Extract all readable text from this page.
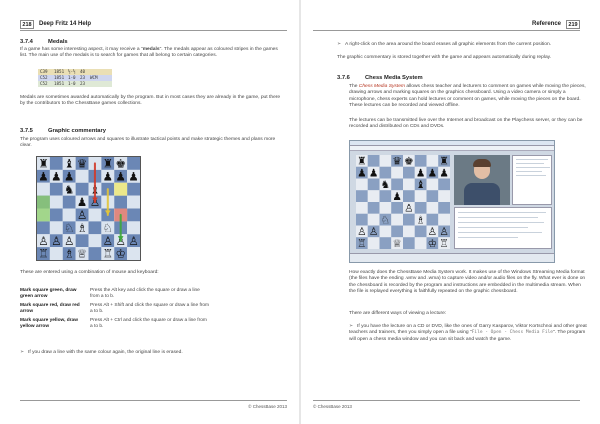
218	Deep Fritz 14 Help
3.7.4	Medals
If a game has some interesting aspect, it may receive a "medals". The medals appear as coloured stripes in the games list. The main use of the medals is to search for games that all belong to certain categories.
C39 1851 ½-½ 40
C52 1851 1-0 23 WCM
C52 1851 1-0 23
Medals are sometimes awarded automatically by the program. But in most cases they are already in the game, put there by the contributors to the ChessBase games collections.
3.7.5	Graphic commentary
The program uses coloured arrows and squares to illustrate tactical points and make strategic themes and plans more clear.
These are entered using a combination of mouse and keyboard:
Mark square green, draw green arrow
Press the Alt key and click the square or draw a line from a to b.
Mark square red, draw red arrow
Press Alt + Shift and click the square or draw a line from a to b.
Mark square yellow, draw yellow arrow
Press Alt + Ctrl and click the square or draw a line from a to b.
➢ If you draw a line with the same colour again, the original line is erased.
© ChessBase 2013
Reference	219
➢ A right-click on the area around the board erases all graphic elements from the current position.
The graphic commentary is stored together with the game and appears automatically during replay.
3.7.6	Chess Media System
The Chess Media System allows chess teacher and lecturers to comment on games while moving the pieces, drawing arrows and marking squares on the graphics chessboard. Using a video camera or simply a microphone, chess experts can hold lectures or comment on games, while moving the pieces on the board. These lectures can be recorded and viewed offline.
The lectures can be transmitted live over the Internet and broadcast on the Playchess server, or they can be recorded and distributed on CDs and DVDs.
How exactly does the ChessBase Media System work. It makes use of the Windows Streaming Media format (the files have the ending .wmv and .wma) to capture video and/or audio files on the fly. What ever is done on the chessboard is recorded by the program and instructions are embedded in the multimedia stream. When the file is replayed everything is faithfully repeated on the graphic chessboard.
There are different ways of viewing a lecture:
➢ If you have the lecture on a CD or DVD, like the ones of Garry Kasparov, Viktor Kortschnoi and other great teachers and trainers, then you simply open a file using "File - Open - Chess Media File". The program will open a chess media window and you can sit back and watch the game.
© ChessBase 2013
